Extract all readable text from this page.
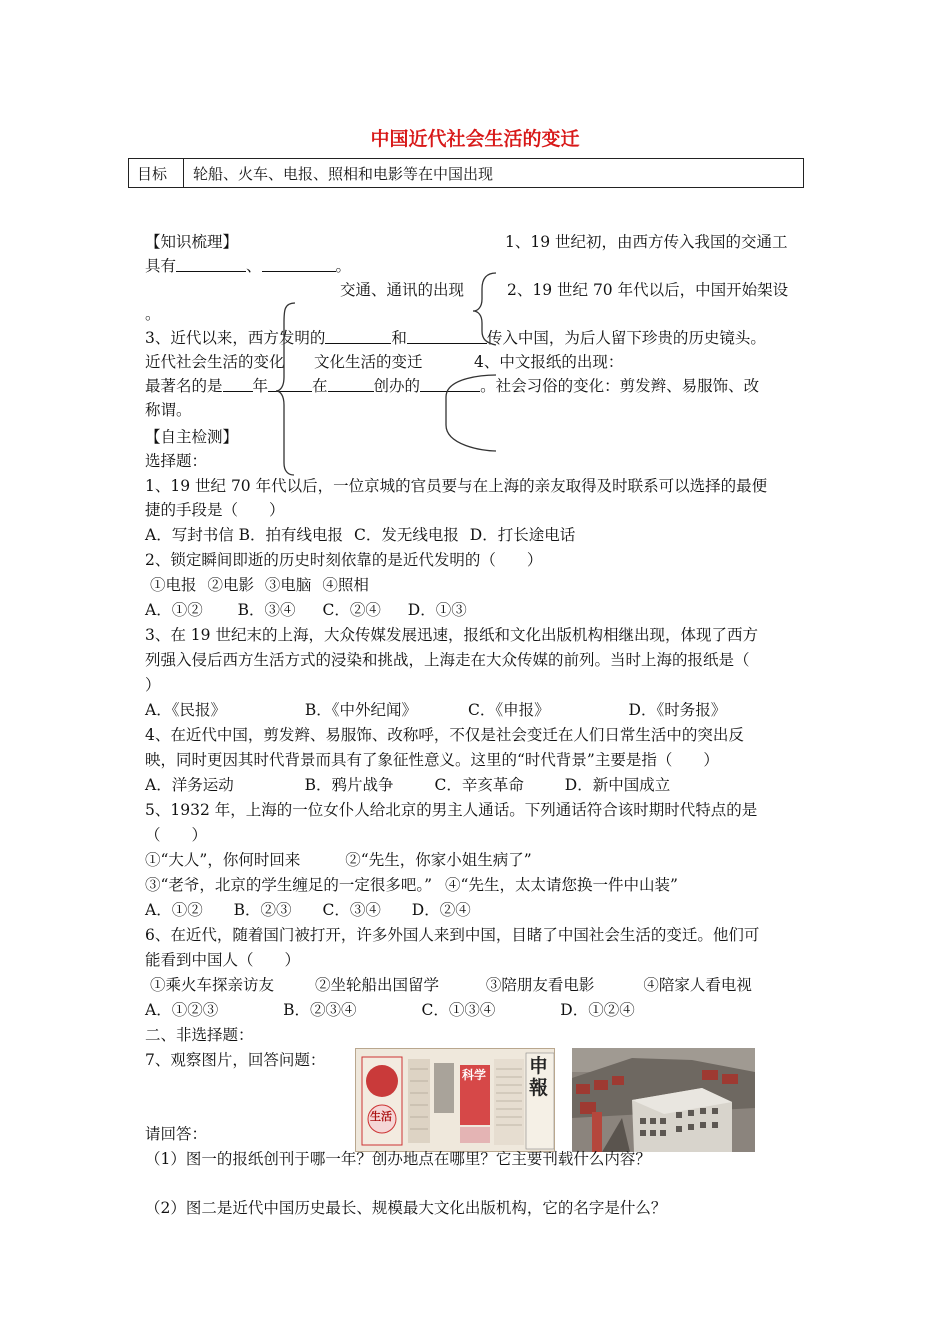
中国近代社会生活的变迁
目标	轮船、火车、电报、照相和电影等在中国出现
【知识梳理】	1、19 世纪初，由西方传入我国的交通工
具有	、	。
交通、通讯的出现	2、19 世纪 70 年代以后，中国开始架设
。
3、近代以来，西方发明的	和	传入中国，为后人留下珍贵的历史镜头。
近代社会生活的变化 文化生活的变迁	4、中文报纸的出现：
最著名的是 年	在	创办的	。社会习俗的变化：剪发辫、易服饰、改
称谓。
【自主检测】
选择题：
1、19 世纪 70 年代以后，一位京城的官员要与在上海的亲友取得及时联系可以选择的最便
捷的手段是（　　）
A．写封书信 B．拍有线电报 C．发无线电报 D．打长途电话
2、锁定瞬间即逝的历史时刻依靠的是近代发明的（　　）
①电报 ②电影 ③电脑 ④照相
A．①② B．③④ C．②④ D．①③
3、在 19 世纪末的上海，大众传媒发展迅速，报纸和文化出版机构相继出现，体现了西方
列强入侵后西方生活方式的浸染和挑战，上海走在大众传媒的前列。当时上海的报纸是（
）
A．《民报》	B．《中外纪闻》	C．《申报》	D．《时务报》
4、在近代中国，剪发辫、易服饰、改称呼，不仅是社会变迁在人们日常生活中的突出反
映，同时更因其时代背景而具有了象征性意义。这里的“时代背景”主要是指（　　）
A．洋务运动	B．鸦片战争	C．辛亥革命	D．新中国成立
5、1932 年，上海的一位女仆人给北京的男主人通话。下列通话符合该时期时代特点的是
（　　）
①“大人”，你何时回来	②“先生，你家小姐生病了”
③“老爷，北京的学生缠足的一定很多吧。” ④“先生，太太请您换一件中山装”
A．①② B．②③ C．③④ D．②④
6、在近代，随着国门被打开，许多外国人来到中国，目睹了中国社会生活的变迁。他们可
能看到中国人（　　）
①乘火车探亲访友	②坐轮船出国留学	③陪朋友看电影	④陪家人看电视
A．①②③	B．②③④	C．①③④	D．①②④
二、非选择题：
7、观察图片，回答问题：	申報
科学
生活
请回答：
（1）图一的报纸创刊于哪一年？创办地点在哪里？它主要刊载什么内容？
（2）图二是近代中国历史最长、规模最大文化出版机构，它的名字是什么？
